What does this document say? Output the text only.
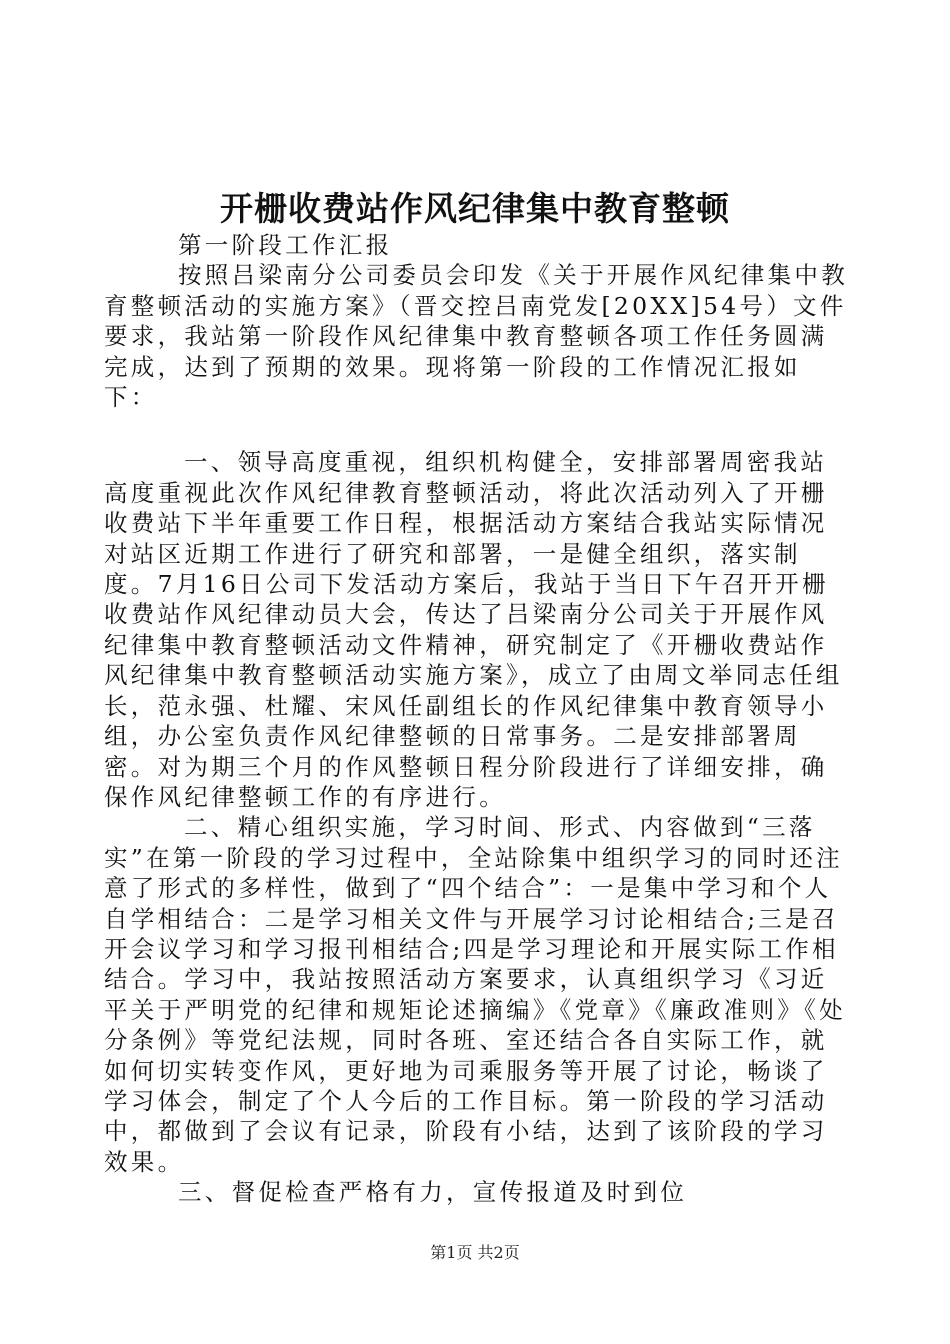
开栅收费站作风纪律集中教育整顿

第一阶段工作汇报

按照吕梁南分公司委员会印发《关于开展作风纪律集中教育整顿活动的实施方案》（晋交控吕南党发[20XX]54号）文件要求，我站第一阶段作风纪律集中教育整顿各项工作任务圆满完成，达到了预期的效果。现将第一阶段的工作情况汇报如下：

一、领导高度重视，组织机构健全，安排部署周密我站高度重视此次作风纪律教育整顿活动，将此次活动列入了开栅收费站下半年重要工作日程，根据活动方案结合我站实际情况对站区近期工作进行了研究和部署，一是健全组织，落实制度。7月16日公司下发活动方案后，我站于当日下午召开开栅收费站作风纪律动员大会，传达了吕梁南分公司关于开展作风纪律集中教育整顿活动文件精神，研究制定了《开栅收费站作风纪律集中教育整顿活动实施方案》，成立了由周文举同志任组长，范永强、杜耀、宋风任副组长的作风纪律集中教育领导小组，办公室负责作风纪律整顿的日常事务。二是安排部署周密。对为期三个月的作风整顿日程分阶段进行了详细安排，确保作风纪律整顿工作的有序进行。

二、精心组织实施，学习时间、形式、内容做到“三落实”在第一阶段的学习过程中，全站除集中组织学习的同时还注意了形式的多样性，做到了“四个结合”：一是集中学习和个人自学相结合：二是学习相关文件与开展学习讨论相结合;三是召开会议学习和学习报刊相结合;四是学习理论和开展实际工作相结合。学习中，我站按照活动方案要求，认真组织学习《习近平关于严明党的纪律和规矩论述摘编》《党章》《廉政准则》《处分条例》等党纪法规，同时各班、室还结合各自实际工作，就如何切实转变作风，更好地为司乘服务等开展了讨论，畅谈了学习体会，制定了个人今后的工作目标。第一阶段的学习活动中，都做到了会议有记录，阶段有小结，达到了该阶段的学习效果。

三、督促检查严格有力，宣传报道及时到位

第1页 共2页
